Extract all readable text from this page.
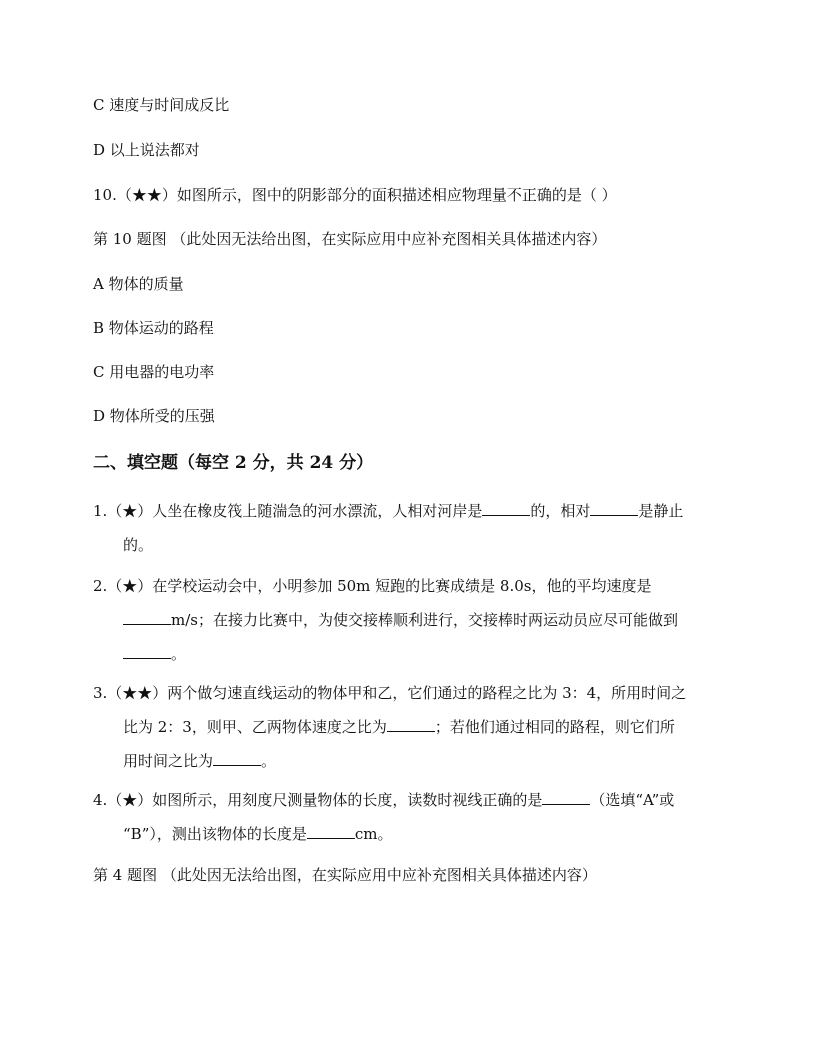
C 速度与时间成反比
D 以上说法都对
10.（★★）如图所示，图中的阴影部分的面积描述相应物理量不正确的是（ ）
第 10 题图 （此处因无法给出图，在实际应用中应补充图相关具体描述内容）
A 物体的质量
B 物体运动的路程
C 用电器的电功率
D 物体所受的压强
二、填空题（每空 2 分，共 24 分）
1.（★）人坐在橡皮筏上随湍急的河水漂流，人相对河岸是	的，相对	是静止
的。
2.（★）在学校运动会中，小明参加 50m 短跑的比赛成绩是 8.0s，他的平均速度是
m/s；在接力比赛中，为使交接棒顺利进行，交接棒时两运动员应尽可能做到
。
3.（★★）两个做匀速直线运动的物体甲和乙，它们通过的路程之比为 3：4，所用时间之
比为 2：3，则甲、乙两物体速度之比为	；若他们通过相同的路程，则它们所
用时间之比为	。
4.（★）如图所示，用刻度尺测量物体的长度，读数时视线正确的是	（选填“A”或
“B”），测出该物体的长度是	cm。
第 4 题图 （此处因无法给出图，在实际应用中应补充图相关具体描述内容）
